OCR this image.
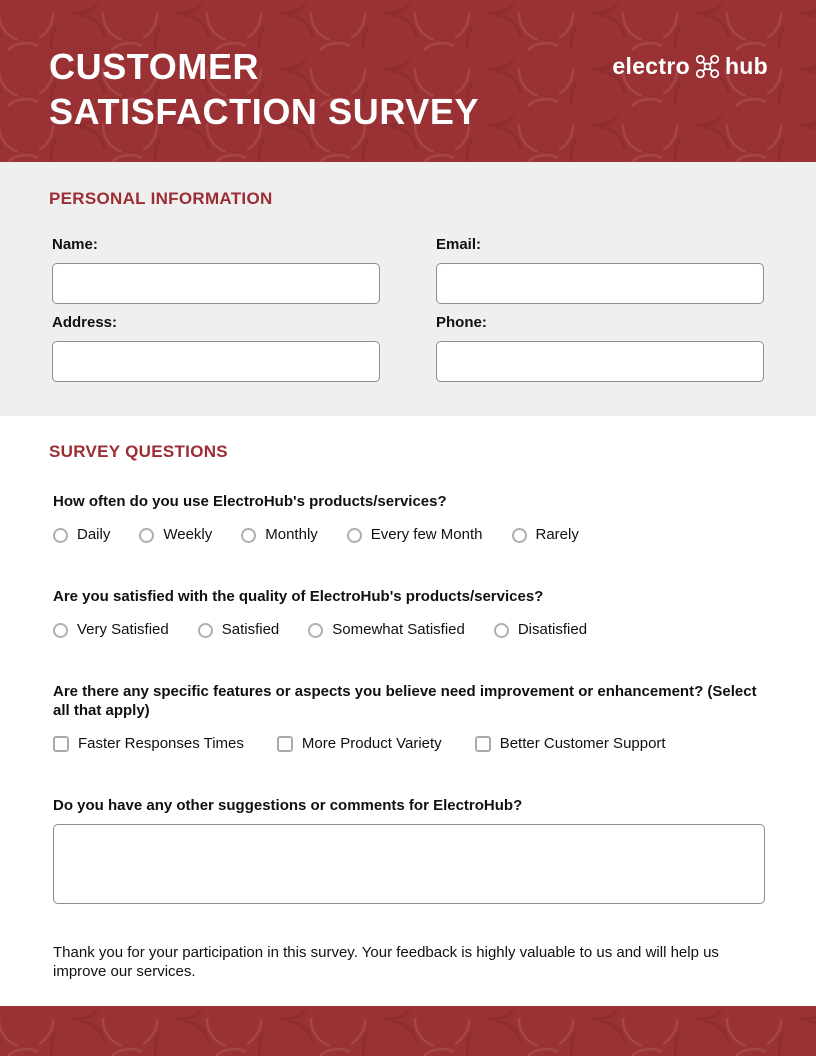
CUSTOMER
SATISFACTION SURVEY
electro hub
PERSONAL INFORMATION
Name:	Email:
Address:	Phone:
SURVEY QUESTIONS

How often do you use ElectroHub's products/services?

Daily	Weekly	Monthly	Every few Month	Rarely

Are you satisfied with the quality of ElectroHub's products/services?

Very Satisfied	Satisfied	Somewhat Satisfied	Disatisfied

Are there any specific features or aspects you believe need improvement or enhancement? (Select all that apply)

Faster Responses Times	More Product Variety	Better Customer Support

Do you have any other suggestions or comments for ElectroHub?

Thank you for your participation in this survey. Your feedback is highly valuable to us and will help us improve our services.
